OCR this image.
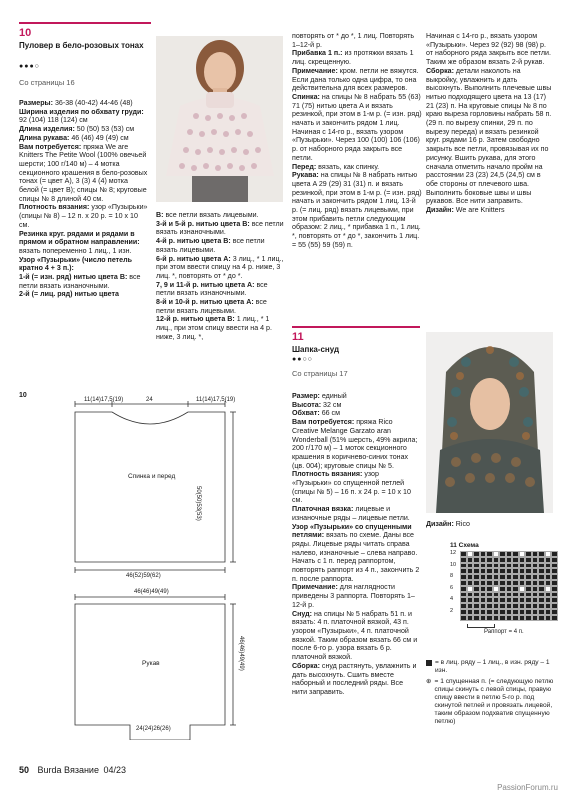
10
Пуловер в бело-розовых тонах
●●●○
Со страницы 16

Размеры: 36-38 (40-42) 44-46 (48)

Ширина изделия по обхвату груди: 92 (104) 118 (124) см

Длина изделия: 50 (50) 53 (53) см

Длина рукава: 46 (46) 49 (49) см

Вам потребуется: пряжа We are Knitters The Petite Wool (100% овечьей шерсти; 100 г/140 м) – 4 мотка секционного крашения в бело-розовых тонах (= цвет A), 3 (3) 4 (4) мотка белой (= цвет B); спицы № 8; круговые спицы № 8 длиной 40 см.

Плотность вязания: узор «Пузырьки» (спицы № 8) – 12 п. x 20 р. = 10 x 10 см.

Резинка круг. рядами и рядами в прямом и обратном направлении: вязать попеременно 1 лиц., 1 изн.

Узор «Пузырьки» (число петель кратно 4 + 3 п.):

1-й (= изн. ряд) нитью цвета B: все петли вязать изнаночными.

2-й (= лиц. ряд) нитью цвета

B: все петли вязать лицевыми.

3-й и 5-й р. нитью цвета B: все петли вязать изнаночными.

4-й р. нитью цвета B: все петли вязать лицевыми.

6-й р. нитью цвета A: 3 лиц., * 1 лиц., при этом ввести спицу на 4 р. ниже, 3 лиц. *, повторять от * до *.

7, 9 и 11-й р. нитью цвета A: все петли вязать изнаночными.

8-й и 10-й р. нитью цвета A: все петли вязать лицевыми.

12-й р. нитью цвета B: 1 лиц., * 1 лиц., при этом спицу ввести на 4 р. ниже, 3 лиц. *,

повторять от * до *, 1 лиц. Повторять 1–12-й р.

Прибавка 1 п.: из протяжки вязать 1 лиц. скрещенную.

Примечание: кром. петли не вяжутся. Если дана только одна цифра, то она действительна для всех размеров.

Спинка: на спицы № 8 набрать 55 (63) 71 (75) нитью цвета A и вязать резинкой, при этом в 1-м р. (= изн. ряд) начать и закончить рядом 1 лиц. Начиная с 14-го р., вязать узором «Пузырьки». Через 100 (100) 106 (106) р. от наборного ряда закрыть все петли.

Перед: вязать, как спинку.

Рукава: на спицы № 8 набрать нитью цвета A 29 (29) 31 (31) п. и вязать резинкой, при этом в 1-м р. (= изн. ряд) начать и закончить рядом 1 лиц. 13-й р. (= лиц. ряд) вязать лицевыми, при этом прибавить петли следующим образом: 2 лиц., * прибавка 1 п., 1 лиц. *, повторять от * до *, закончить 1 лиц. = 55 (55) 59 (59) п.

Начиная с 14-го р., вязать узором «Пузырьки». Через 92 (92) 98 (98) р. от наборного ряда закрыть все петли. Таким же образом вязать 2-й рукав.

Сборка: детали наколоть на выкройку, увлажнить и дать высохнуть. Выполнить плечевые швы нитью подходящего цвета на 13 (17) 21 (23) п. На круговые спицы № 8 по краю выреза горловины набрать 58 п. (29 п. по вырезу спинки, 29 п. по вырезу переда) и вязать резинкой круг. рядами 16 р. Затем свободно закрыть все петли, провязывая их по рисунку. Вшить рукава, для этого сначала отметить начало пройм на расстоянии 23 (23) 24,5 (24,5) см в обе стороны от плечевого шва. Выполнить боковые швы и швы рукавов. Все нити заправить.

Дизайн: We are Knitters

10
11(14)17,5(19)	24	11(14)17,5(19)
Спинка и перед
50(50)53(53)
46(52)59(62)
46(46)49(49)
Рукав	46(46)49(49)
24(24)26(26)
11
Шапка-снуд
●●○○
Со страницы 17

Размер: единый

Высота: 32 см

Обхват: 66 см

Вам потребуется: пряжа Rico Creative Melange Garzato aran Wonderball (51% шерсть, 49% акрила; 200 г/170 м) – 1 моток секционного крашения в коричнево-синих тонах (цв. 004); круговые спицы № 5.

Плотность вязания: узор «Пузырьки» со спущенной петлей (спицы № 5) – 16 п. x 24 р. = 10 x 10 см.

Платочная вязка: лицевые и изнаночные ряды – лицевые петли.

Узор «Пузырьки» со спущенными петлями: вязать по схеме. Даны все ряды. Лицевые ряды читать справа налево, изнаночные – слева направо. Начать с 1 п. перед раппортом, повторять раппорт из 4 п., закончить 2 п. после раппорта.

Примечание: для наглядности приведены 3 раппорта. Повторять 1–12-й р.

Снуд: на спицы № 5 набрать 51 п. и вязать: 4 п. платочной вязкой, 43 п. узором «Пузырьки», 4 п. платочной вязкой. Таким образом вязать 66 см и после 6-го р. узора вязать 6 р. платочной вязкой.

Сборка: снуд растянуть, увлажнить и дать высохнуть. Сшить вместе наборный и последний ряды. Все нити заправить.

Дизайн: Rico
11 Схема
12
10
8
6
4
2
Раппорт = 4 п.
= в лиц. ряду – 1 лиц., в изн. ряду – 1 изн.
⊕ = 1 спущенная п. (= следующую петлю спицы скинуть с левой спицы, правую спицу ввести в петлю 5-го р. под скинутой петлей и провязать лицевой, таким образом подхватив спущенную петлю)
50 Burda Вязание 04/23
PassionForum.ru
